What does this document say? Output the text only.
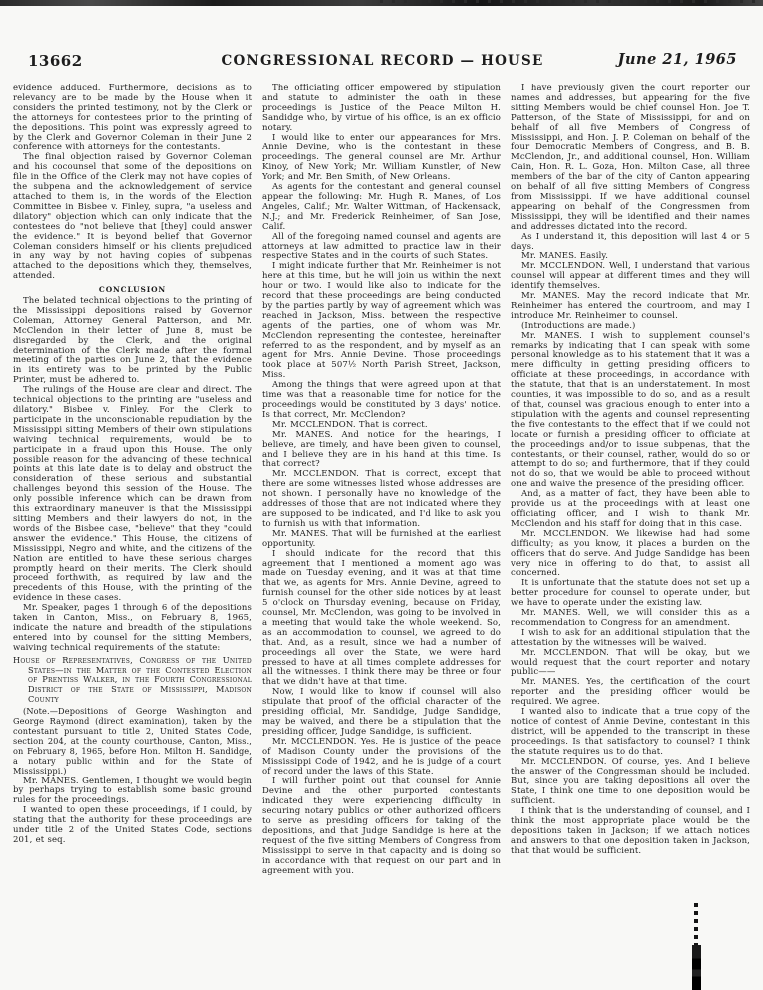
13662	CONGRESSIONAL RECORD — HOUSE	June 21, 1965

evidence adduced. Furthermore, decisions as to relevancy are to be made by the House when it considers the printed testimony, not by the Clerk or the attorneys for contestees prior to the printing of the depositions. This point was expressly agreed to by the Clerk and Governor Coleman in their June 2 conference with attorneys for the contestants.

The final objection raised by Governor Coleman and his cocounsel that some of the depositions on file in the Office of the Clerk may not have copies of the subpena and the acknowledgement of service attached to them is, in the words of the Election Committee in Bisbee v. Finley, supra, "a useless and dilatory" objection which can only indicate that the contestees do "not believe that [they] could answer the evidence." It is beyond belief that Governor Coleman considers himself or his clients prejudiced in any way by not having copies of subpenas attached to the depositions which they, themselves, attended.

CONCLUSION

The belated technical objections to the printing of the Mississippi depositions raised by Governor Coleman, Attorney General Patterson, and Mr. McClendon in their letter of June 8, must be disregarded by the Clerk, and the original determination of the Clerk made after the formal meeting of the parties on June 2, that the evidence in its entirety was to be printed by the Public Printer, must be adhered to.

The rulings of the House are clear and direct. The technical objections to the printing are "useless and dilatory." Bisbee v. Finley. For the Clerk to participate in the unconscionable repudiation by the Mississippi sitting Members of their own stipulations waiving technical requirements, would be to participate in a fraud upon this House. The only possible reason for the advancing of these technical points at this late date is to delay and obstruct the consideration of these serious and substantial challenges beyond this session of the House. The only possible inference which can be drawn from this extraordinary maneuver is that the Mississippi sitting Members and their lawyers do not, in the words of the Bisbee case, "believe" that they "could answer the evidence." This House, the citizens of Mississippi, Negro and white, and the citizens of the Nation are entitled to have these serious charges promptly heard on their merits. The Clerk should proceed forthwith, as required by law and the precedents of this House, with the printing of the evidence in these cases.

Mr. Speaker, pages 1 through 6 of the depositions taken in Canton, Miss., on February 8, 1965, indicate the nature and breadth of the stipulations entered into by counsel for the sitting Members, waiving technical requirements of the statute:

House of Representatives, Congress of the United States—in the Matter of the Contested Election of Prentiss Walker, in the Fourth Congressional District of the State of Mississippi, Madison County

(Note.—Depositions of George Washington and George Raymond (direct examination), taken by the contestant pursuant to title 2, United States Code, section 204, at the county courthouse, Canton, Miss., on February 8, 1965, before Hon. Milton H. Sandidge, a notary public within and for the State of Mississippi.)

Mr. MANES. Gentlemen, I thought we would begin by perhaps trying to establish some basic ground rules for the proceedings.

I wanted to open these proceedings, if I could, by stating that the authority for these proceedings are under title 2 of the United States Code, sections 201, et seq.

The officiating officer empowered by stipulation and statute to administer the oath in these proceedings is Justice of the Peace Milton H. Sandidge who, by virtue of his office, is an ex officio notary.

I would like to enter our appearances for Mrs. Annie Devine, who is the contestant in these proceedings. The general counsel are Mr. Arthur Kinoy, of New York; Mr. William Kunstler, of New York; and Mr. Ben Smith, of New Orleans.

As agents for the contestant and general counsel appear the following: Mr. Hugh R. Manes, of Los Angeles, Calif.; Mr. Walter Wittman, of Hackensack, N.J.; and Mr. Frederick Reinheimer, of San Jose, Calif.

All of the foregoing named counsel and agents are attorneys at law admitted to practice law in their respective States and in the courts of such States.

I might indicate further that Mr. Reinheimer is not here at this time, but he will join us within the next hour or two. I would like also to indicate for the record that these proceedings are being conducted by the parties partly by way of agreement which was reached in Jackson, Miss. between the respective agents of the parties, one of whom was Mr. McClendon representing the contestee, hereinafter referred to as the respondent, and by myself as an agent for Mrs. Annie Devine. Those proceedings took place at 507½ North Parish Street, Jackson, Miss.

Among the things that were agreed upon at that time was that a reasonable time for notice for the proceedings would be constituted by 3 days' notice. Is that correct, Mr. McClendon?

Mr. MCCLENDON. That is correct.

Mr. MANES. And notice for the hearings, I believe, are timely, and have been given to counsel, and I believe they are in his hand at this time. Is that correct?

Mr. MCCLENDON. That is correct, except that there are some witnesses listed whose addresses are not shown. I personally have no knowledge of the addresses of those that are not indicated where they are supposed to be indicated, and I'd like to ask you to furnish us with that information.

Mr. MANES. That will be furnished at the earliest opportunity.

I should indicate for the record that this agreement that I mentioned a moment ago was made on Tuesday evening, and it was at that time that we, as agents for Mrs. Annie Devine, agreed to furnish counsel for the other side notices by at least 5 o'clock on Thursday evening, because on Friday, counsel, Mr. McClendon, was going to be involved in a meeting that would take the whole weekend. So, as an accommodation to counsel, we agreed to do that. And, as a result, since we had a number of proceedings all over the State, we were hard pressed to have at all times complete addresses for all the witnesses. I think there may be three or four that we didn't have at that time.

Now, I would like to know if counsel will also stipulate that proof of the official character of the presiding official, Mr. Sandidge, Judge Sandidge, may be waived, and there be a stipulation that the presiding officer, Judge Sandidge, is sufficient.

Mr. MCCLENDON. Yes. He is justice of the peace of Madison County under the provisions of the Mississippi Code of 1942, and he is judge of a court of record under the laws of this State.

I will further point out that counsel for Annie Devine and the other purported contestants indicated they were experiencing difficulty in securing notary publics or other authorized officers to serve as presiding officers for taking of the depositions, and that Judge Sandidge is here at the request of the five sitting Members of Congress from Mississippi to serve in that capacity and is doing so in accordance with that request on our part and in agreement with you.

I have previously given the court reporter our names and addresses, but appearing for the five sitting Members would be chief counsel Hon. Joe T. Patterson, of the State of Mississippi, for and on behalf of all five Members of Congress of Mississippi, and Hon. J. P. Coleman on behalf of the four Democratic Members of Congress, and B. B. McClendon, Jr., and additional counsel, Hon. William Cain, Hon. R. L. Goza, Hon. Milton Case, all three members of the bar of the city of Canton appearing on behalf of all five sitting Members of Congress from Mississippi. If we have additional counsel appearing on behalf of the Congressmen from Mississippi, they will be identified and their names and addresses dictated into the record.

As I understand it, this deposition will last 4 or 5 days.

Mr. MANES. Easily.

Mr. MCCLENDON. Well, I understand that various counsel will appear at different times and they will identify themselves.

Mr. MANES. May the record indicate that Mr. Reinheimer has entered the courtroom, and may I introduce Mr. Reinheimer to counsel.

(Introductions are made.)

Mr. MANES. I wish to supplement counsel's remarks by indicating that I can speak with some personal knowledge as to his statement that it was a mere difficulty in getting presiding officers to officiate at these proceedings, in accordance with the statute, that that is an understatement. In most counties, it was impossible to do so, and as a result of that, counsel was gracious enough to enter into a stipulation with the agents and counsel representing the five contestants to the effect that if we could not locate or furnish a presiding officer to officiate at the proceedings and/or to issue subpenas, that the contestants, or their counsel, rather, would do so or attempt to do so; and furthermore, that if they could not do so, that we would be able to proceed without one and waive the presence of the presiding officer.

And, as a matter of fact, they have been able to provide us at the proceedings with at least one officiating officer, and I wish to thank Mr. McClendon and his staff for doing that in this case.

Mr. MCCLENDON. We likewise had had some difficulty; as you know, it places a burden on the officers that do serve. And Judge Sandidge has been very nice in offering to do that, to assist all concerned.

It is unfortunate that the statute does not set up a better procedure for counsel to operate under, but we have to operate under the existing law.

Mr. MANES. Well, we will consider this as a recommendation to Congress for an amendment.

I wish to ask for an additional stipulation that the attestation by the witnesses will be waived.

Mr. MCCLENDON. That will be okay, but we would request that the court reporter and notary public——

Mr. MANES. Yes, the certification of the court reporter and the presiding officer would be required. We agree.

I wanted also to indicate that a true copy of the notice of contest of Annie Devine, contestant in this district, will be appended to the transcript in these proceedings. Is that satisfactory to counsel? I think the statute requires us to do that.

Mr. MCCLENDON. Of course, yes. And I believe the answer of the Congressman should be included. But, since you are taking depositions all over the State, I think one time to one deposition would be sufficient.

I think that is the understanding of counsel, and I think the most appropriate place would be the depositions taken in Jackson; if we attach notices and answers to that one deposition taken in Jackson, that that would be sufficient.
